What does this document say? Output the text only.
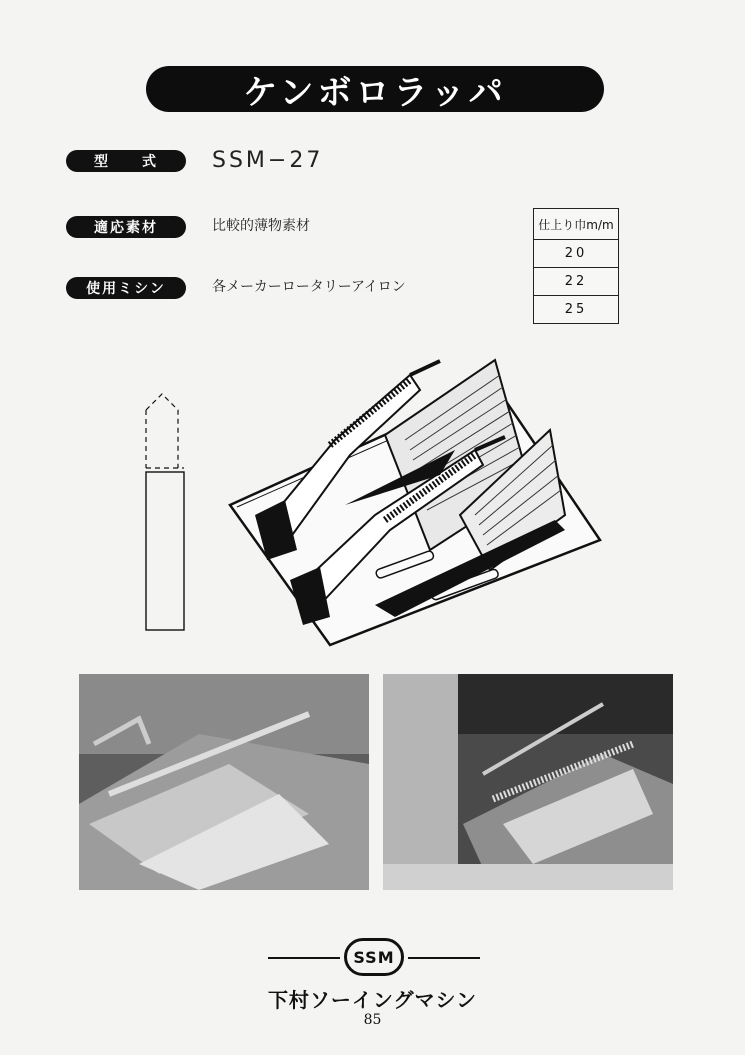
ケンボロラッパ
型　　式	SSM−27
適応素材	比較的薄物素材
使用ミシン	各メーカーロータリーアイロン
仕上り巾m/m
20
22
25
SSM
下村ソーイングマシン
85
